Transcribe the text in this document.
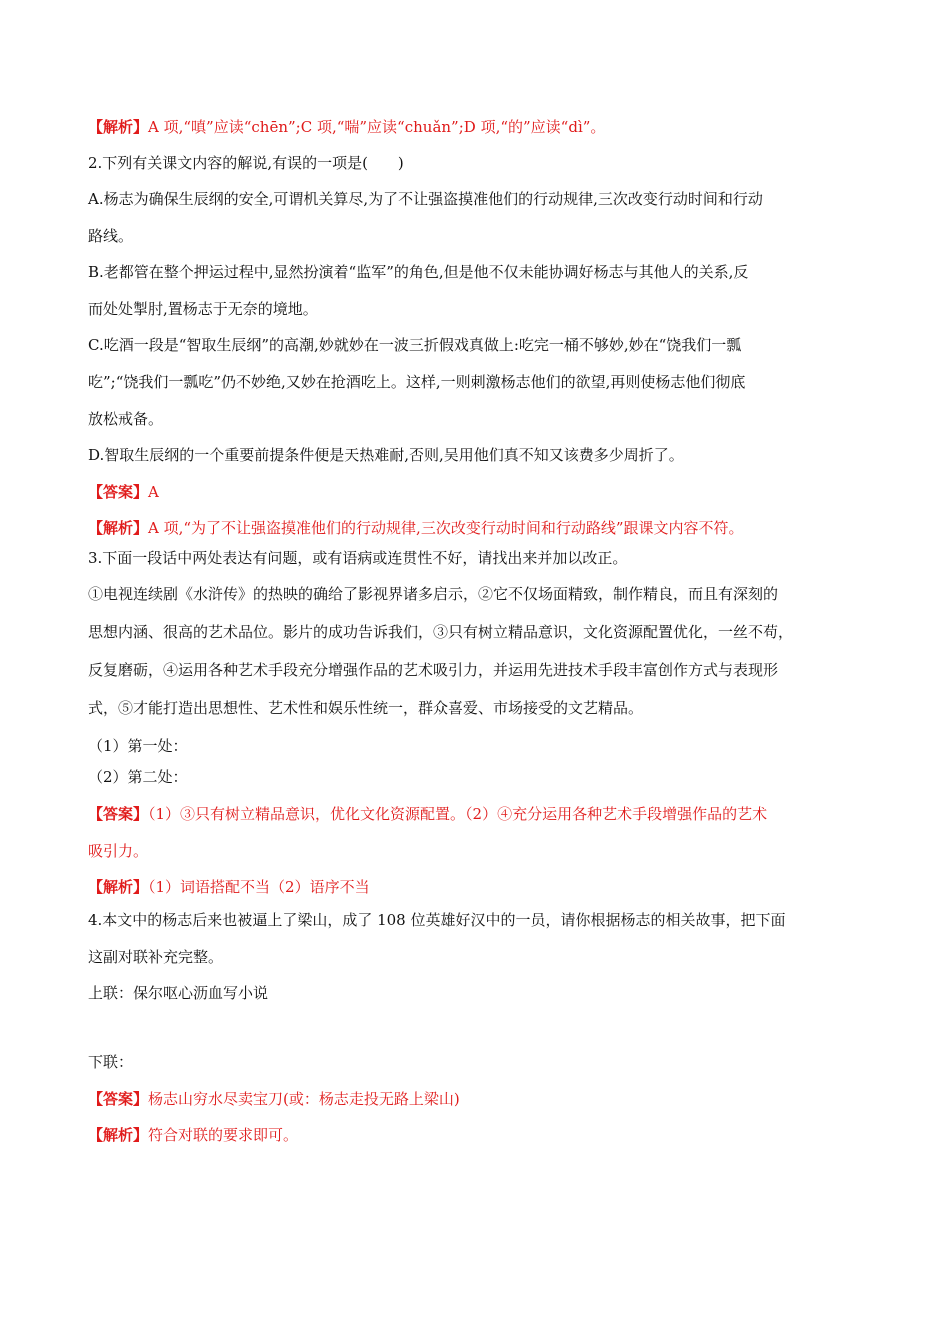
【解析】A 项,“嗔”应读“chēn”;C 项,“喘”应读“chuǎn”;D 项,“的”应读“dì”。
2.下列有关课文内容的解说,有误的一项是(　　)
A.杨志为确保生辰纲的安全,可谓机关算尽,为了不让强盗摸准他们的行动规律,三次改变行动时间和行动
路线。
B.老都管在整个押运过程中,显然扮演着“监军”的角色,但是他不仅未能协调好杨志与其他人的关系,反
而处处掣肘,置杨志于无奈的境地。
C.吃酒一段是“智取生辰纲”的高潮,妙就妙在一波三折假戏真做上:吃完一桶不够妙,妙在“饶我们一瓢
吃”;“饶我们一瓢吃”仍不妙绝,又妙在抢酒吃上。这样,一则刺激杨志他们的欲望,再则使杨志他们彻底
放松戒备。
D.智取生辰纲的一个重要前提条件便是天热难耐,否则,吴用他们真不知又该费多少周折了。
【答案】A
【解析】A 项,“为了不让强盗摸准他们的行动规律,三次改变行动时间和行动路线”跟课文内容不符。
3.下面一段话中两处表达有问题，或有语病或连贯性不好，请找出来并加以改正。
①电视连续剧《水浒传》的热映的确给了影视界诸多启示，②它不仅场面精致，制作精良，而且有深刻的
思想内涵、很高的艺术品位。影片的成功告诉我们，③只有树立精品意识，文化资源配置优化，一丝不苟，
反复磨砺，④运用各种艺术手段充分增强作品的艺术吸引力，并运用先进技术手段丰富创作方式与表现形
式，⑤才能打造出思想性、艺术性和娱乐性统一，群众喜爱、市场接受的文艺精品。
（1）第一处：
（2）第二处：
【答案】（1）③只有树立精品意识，优化文化资源配置。（2）④充分运用各种艺术手段增强作品的艺术
吸引力。
【解析】（1）词语搭配不当（2）语序不当
4.本文中的杨志后来也被逼上了梁山，成了 108 位英雄好汉中的一员，请你根据杨志的相关故事，把下面
这副对联补充完整。
上联：保尔呕心沥血写小说
下联：
【答案】杨志山穷水尽卖宝刀(或：杨志走投无路上梁山)
【解析】符合对联的要求即可。
